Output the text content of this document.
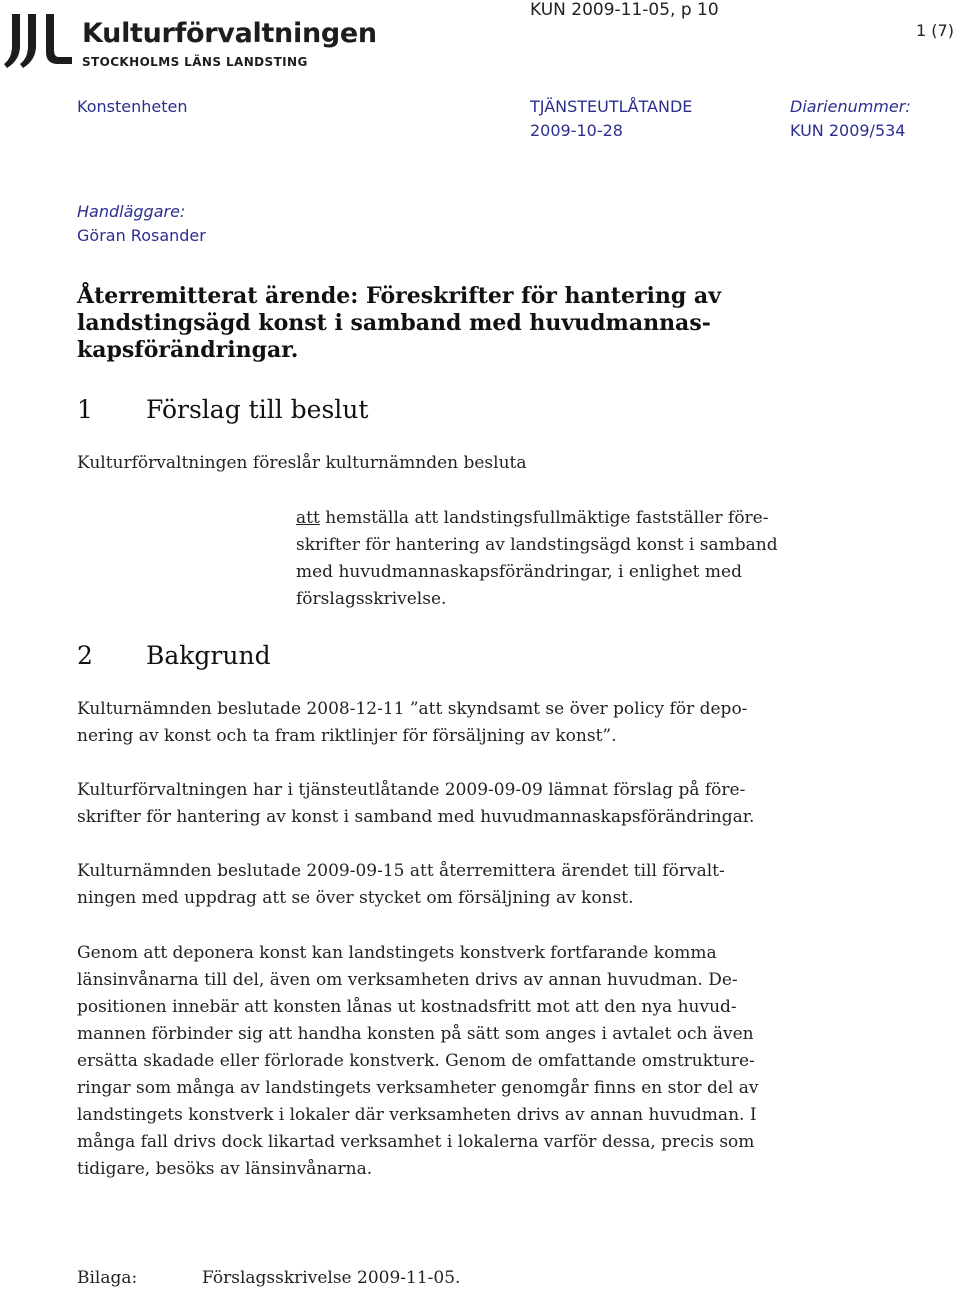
Kulturförvaltningen
STOCKHOLMS LÄNS LANDSTING
KUN 2009-11-05, p 10
1 (7)
Konstenheten	TJÄNSTEUTLÅTANDE
2009-10-28
Diarienummer:
KUN 2009/534
Handläggare:
Göran Rosander
Återremitterat ärende: Föreskrifter för hantering av
landstingsägd konst i samband med huvudmannas-
kapsförändringar.
1 Förslag till beslut
Kulturförvaltningen föreslår kulturnämnden besluta
att hemställa att landstingsfullmäktige fastställer före-
skrifter för hantering av landstingsägd konst i samband
med huvudmannaskapsförändringar, i enlighet med
förslagsskrivelse.
2 Bakgrund
Kulturnämnden beslutade 2008-12-11 ”att skyndsamt se över policy för depo-
nering av konst och ta fram riktlinjer för försäljning av konst”.
Kulturförvaltningen har i tjänsteutlåtande 2009-09-09 lämnat förslag på före-
skrifter för hantering av konst i samband med huvudmannaskapsförändringar.
Kulturnämnden beslutade 2009-09-15 att återremittera ärendet till förvalt-
ningen med uppdrag att se över stycket om försäljning av konst.
Genom att deponera konst kan landstingets konstverk fortfarande komma
länsinvånarna till del, även om verksamheten drivs av annan huvudman. De-
positionen innebär att konsten lånas ut kostnadsfritt mot att den nya huvud-
mannen förbinder sig att handha konsten på sätt som anges i avtalet och även
ersätta skadade eller förlorade konstverk. Genom de omfattande omstrukture-
ringar som många av landstingets verksamheter genomgår finns en stor del av
landstingets konstverk i lokaler där verksamheten drivs av annan huvudman. I
många fall drivs dock likartad verksamhet i lokalerna varför dessa, precis som
tidigare, besöks av länsinvånarna.
Bilaga:	Förslagsskrivelse 2009-11-05.
